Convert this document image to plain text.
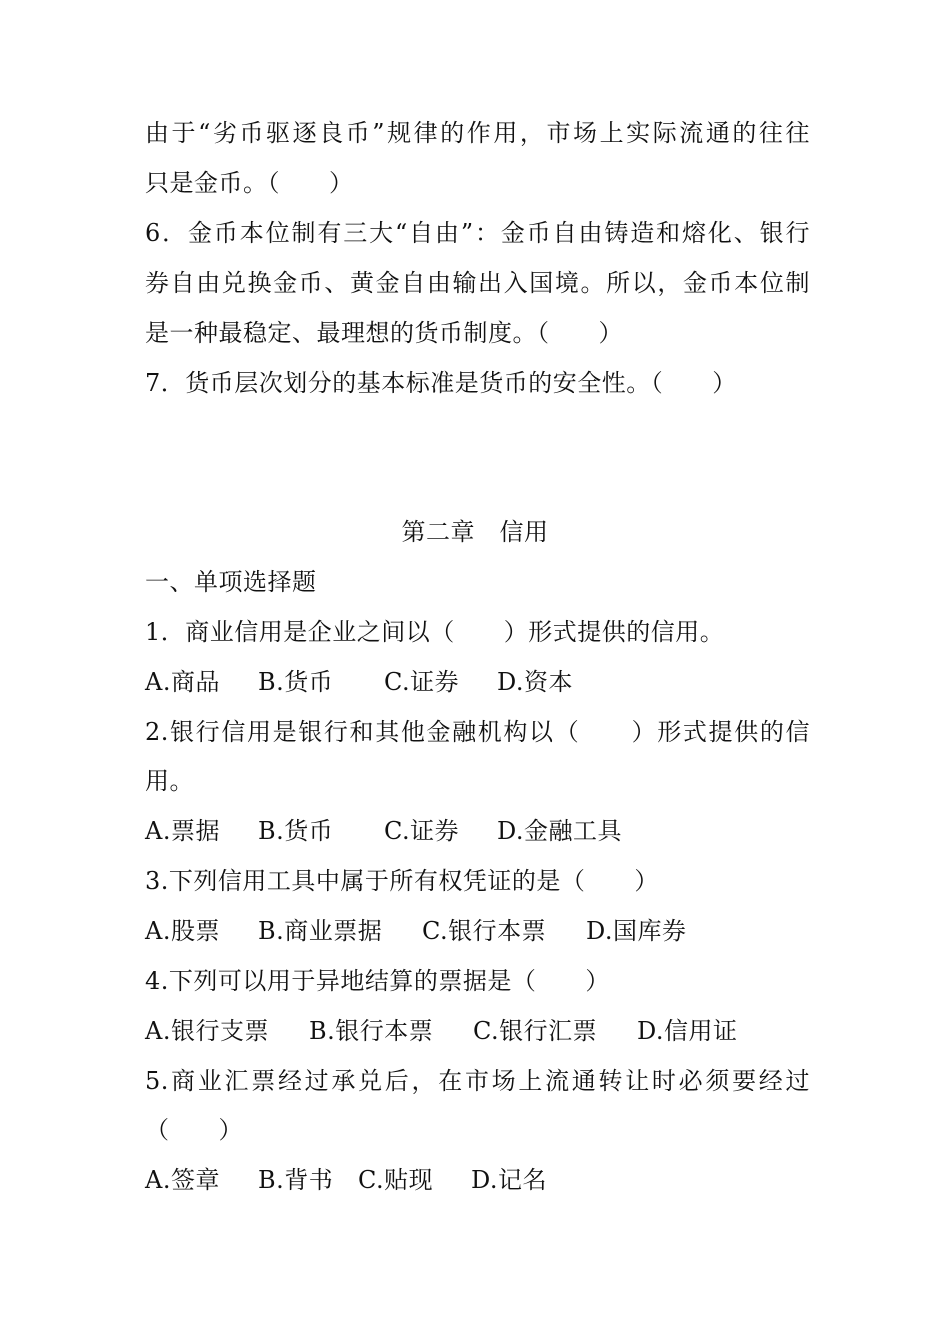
由于“劣币驱逐良币”规律的作用，市场上实际流通的往往
只是金币。（　　）
6．金币本位制有三大“自由”：金币自由铸造和熔化、银行
券自由兑换金币、黄金自由输出入国境。所以，金币本位制
是一种最稳定、最理想的货币制度。（　　）
7．货币层次划分的基本标准是货币的安全性。（　　）
第二章　信用
一、单项选择题
1．商业信用是企业之间以（　　）形式提供的信用。
A.商品	B.货币	C.证券	D.资本
2.银行信用是银行和其他金融机构以（　　）形式提供的信
用。
A.票据	B.货币	C.证券	D.金融工具
3.下列信用工具中属于所有权凭证的是（　　）
A.股票	B.商业票据	C.银行本票	D.国库券
4.下列可以用于异地结算的票据是（　　）
A.银行支票	B.银行本票	C.银行汇票	D.信用证
5.商业汇票经过承兑后，在市场上流通转让时必须要经过
（　　）
A.签章	B.背书	C.贴现	D.记名
